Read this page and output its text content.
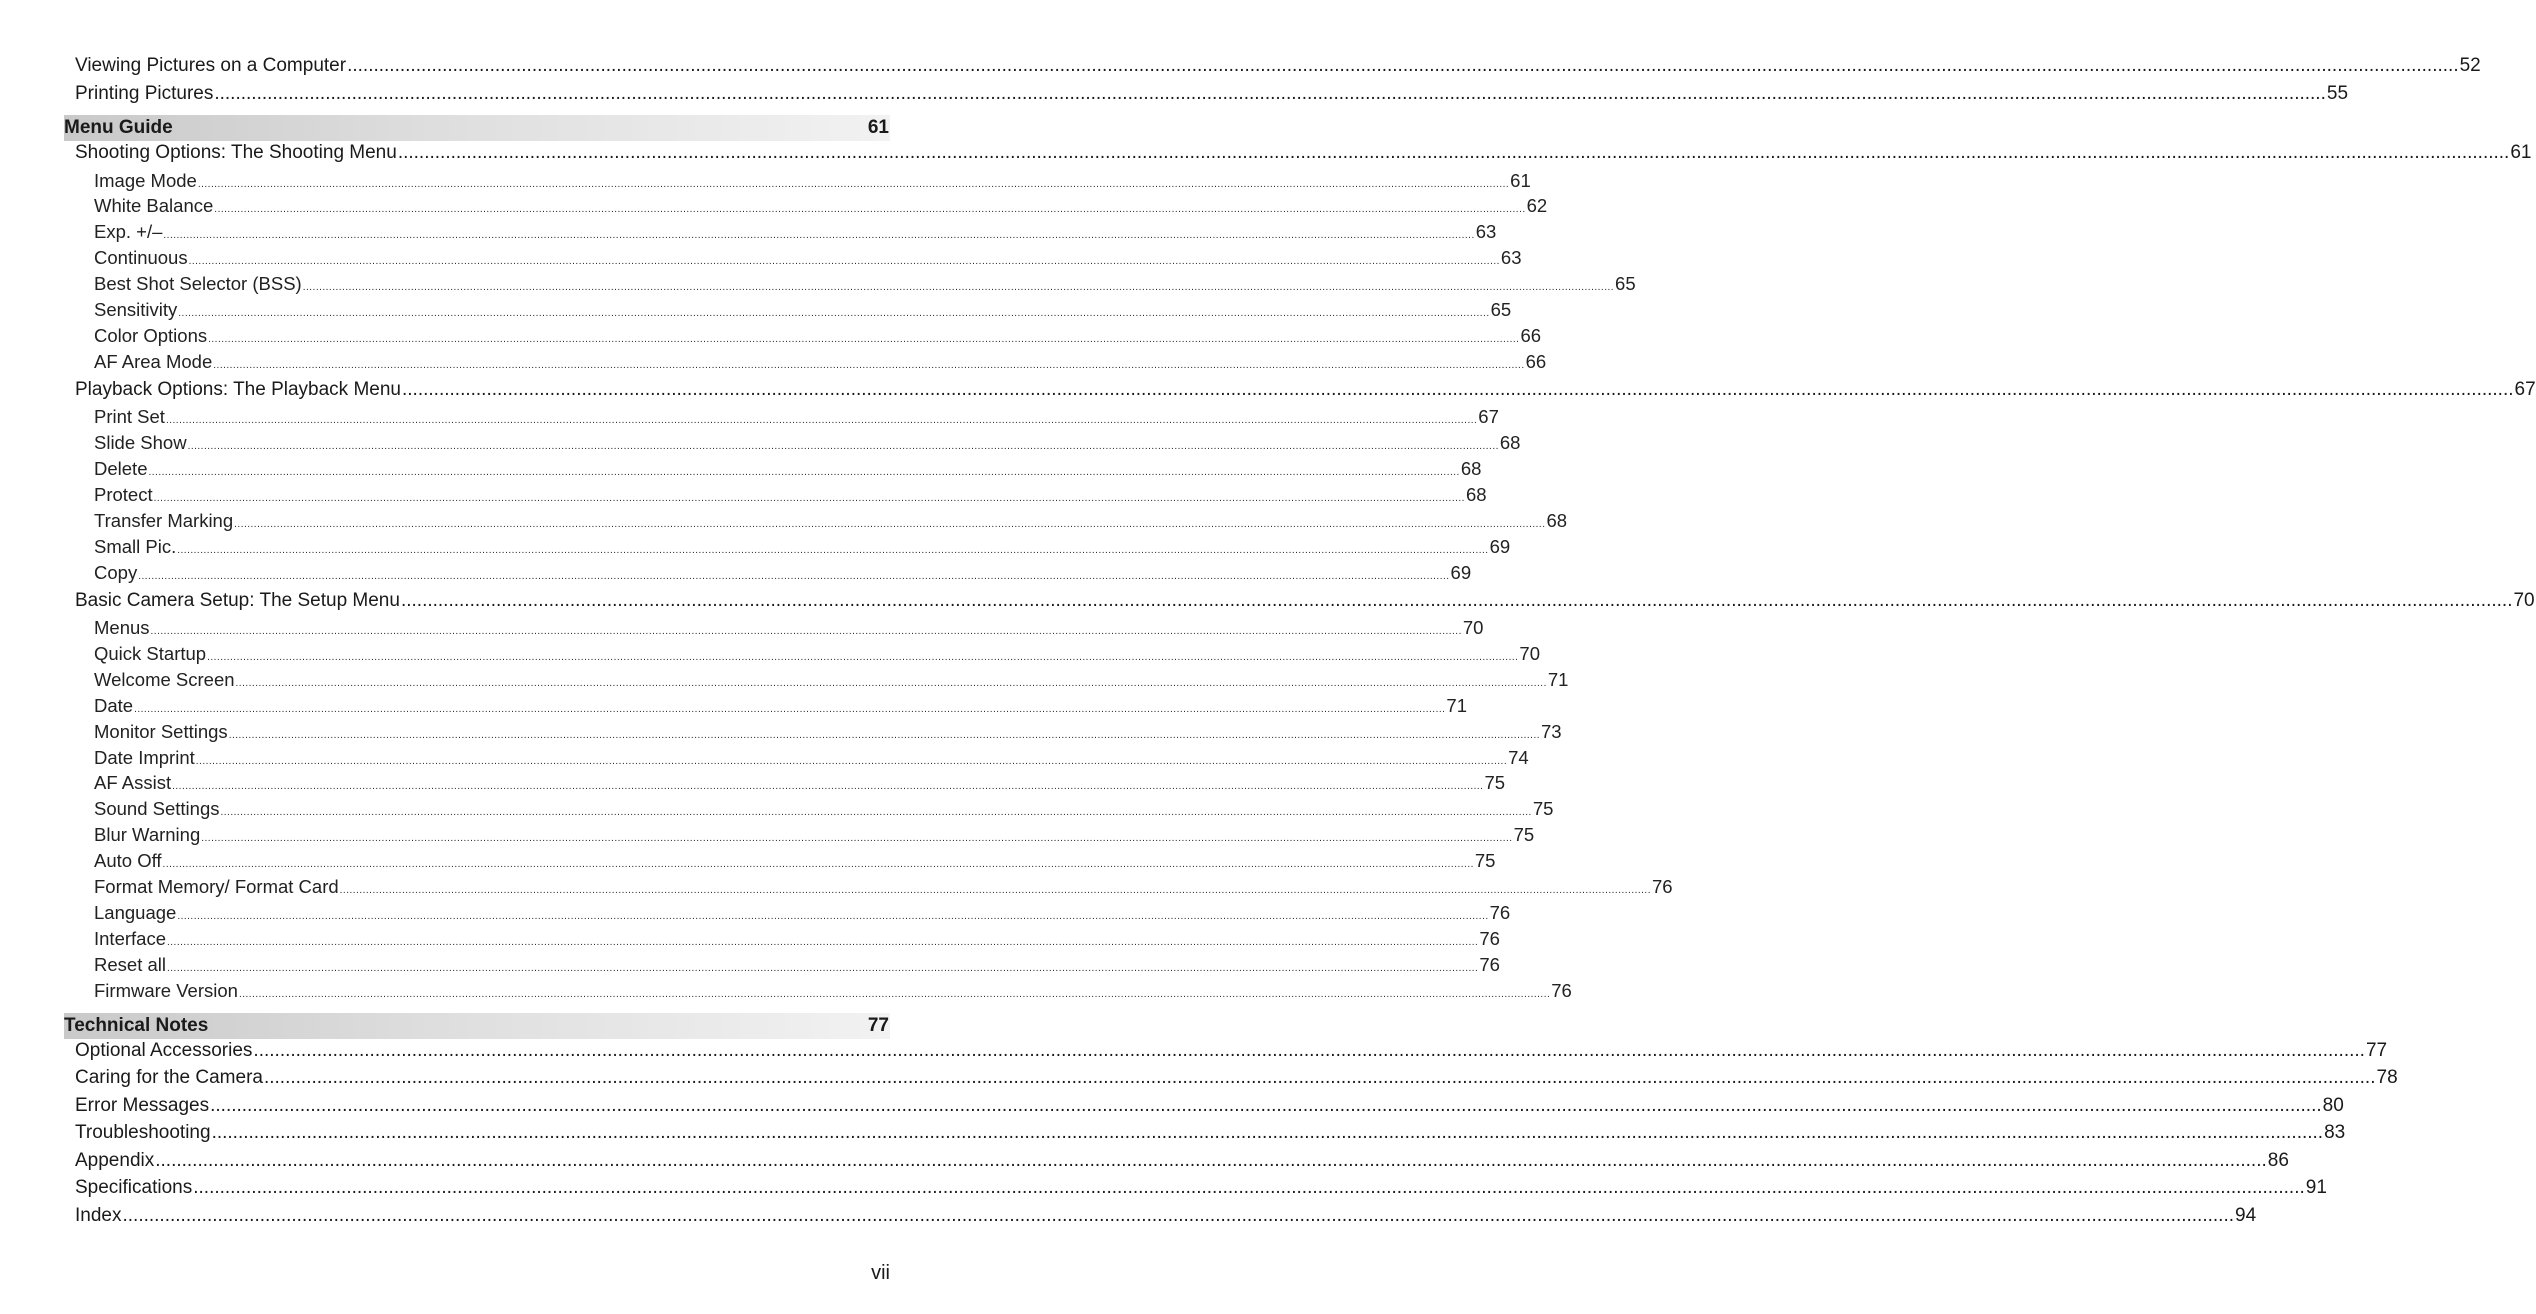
Viewing Pictures on a Computer ................................................................................................................................................................................................................................................................................................................................................................................................................ 52
Printing Pictures ................................................................................................................................................................................................................................................................................................................................................................................................................ 55
Menu Guide	61
Shooting Options: The Shooting Menu ................................................................................................................................................................................................................................................................................................................................................................................................................ 61
Image Mode ................................................................................................................................................................................................................................................................................................................................................................................................................ 61
White Balance ................................................................................................................................................................................................................................................................................................................................................................................................................ 62
Exp. +/– ................................................................................................................................................................................................................................................................................................................................................................................................................ 63
Continuous ................................................................................................................................................................................................................................................................................................................................................................................................................ 63
Best Shot Selector (BSS) ................................................................................................................................................................................................................................................................................................................................................................................................................ 65
Sensitivity ................................................................................................................................................................................................................................................................................................................................................................................................................ 65
Color Options ................................................................................................................................................................................................................................................................................................................................................................................................................ 66
AF Area Mode ................................................................................................................................................................................................................................................................................................................................................................................................................ 66
Playback Options: The Playback Menu ................................................................................................................................................................................................................................................................................................................................................................................................................ 67
Print Set ................................................................................................................................................................................................................................................................................................................................................................................................................ 67
Slide Show ................................................................................................................................................................................................................................................................................................................................................................................................................ 68
Delete ................................................................................................................................................................................................................................................................................................................................................................................................................ 68
Protect ................................................................................................................................................................................................................................................................................................................................................................................................................ 68
Transfer Marking ................................................................................................................................................................................................................................................................................................................................................................................................................ 68
Small Pic. ................................................................................................................................................................................................................................................................................................................................................................................................................ 69
Copy ................................................................................................................................................................................................................................................................................................................................................................................................................ 69
Basic Camera Setup: The Setup Menu ................................................................................................................................................................................................................................................................................................................................................................................................................ 70
Menus ................................................................................................................................................................................................................................................................................................................................................................................................................ 70
Quick Startup ................................................................................................................................................................................................................................................................................................................................................................................................................ 70
Welcome Screen ................................................................................................................................................................................................................................................................................................................................................................................................................ 71
Date ................................................................................................................................................................................................................................................................................................................................................................................................................ 71
Monitor Settings ................................................................................................................................................................................................................................................................................................................................................................................................................ 73
Date Imprint ................................................................................................................................................................................................................................................................................................................................................................................................................ 74
AF Assist ................................................................................................................................................................................................................................................................................................................................................................................................................ 75
Sound Settings ................................................................................................................................................................................................................................................................................................................................................................................................................ 75
Blur Warning ................................................................................................................................................................................................................................................................................................................................................................................................................ 75
Auto Off ................................................................................................................................................................................................................................................................................................................................................................................................................ 75
Format Memory/ Format Card ................................................................................................................................................................................................................................................................................................................................................................................................................ 76
Language ................................................................................................................................................................................................................................................................................................................................................................................................................ 76
Interface ................................................................................................................................................................................................................................................................................................................................................................................................................ 76
Reset all ................................................................................................................................................................................................................................................................................................................................................................................................................ 76
Firmware Version ................................................................................................................................................................................................................................................................................................................................................................................................................ 76
Technical Notes	77
Optional Accessories ................................................................................................................................................................................................................................................................................................................................................................................................................ 77
Caring for the Camera ................................................................................................................................................................................................................................................................................................................................................................................................................ 78
Error Messages ................................................................................................................................................................................................................................................................................................................................................................................................................ 80
Troubleshooting ................................................................................................................................................................................................................................................................................................................................................................................................................ 83
Appendix ................................................................................................................................................................................................................................................................................................................................................................................................................ 86
Specifications ................................................................................................................................................................................................................................................................................................................................................................................................................ 91
Index ................................................................................................................................................................................................................................................................................................................................................................................................................ 94
vii
